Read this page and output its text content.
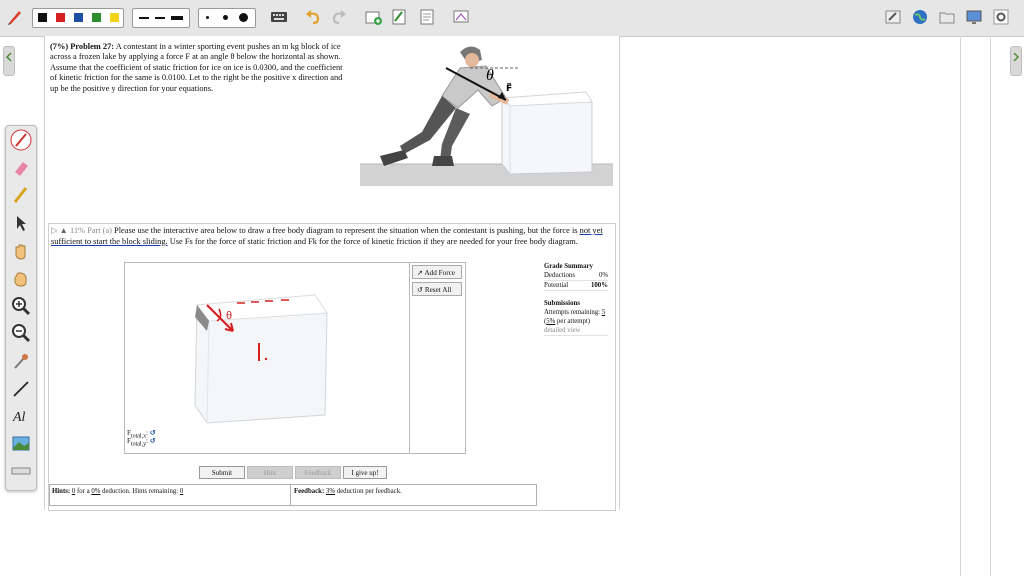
Al
(7%) Problem 27: A contestant in a winter sporting event pushes an m kg block of ice across a frozen lake by applying a force F at an angle θ below the horizontal as shown. Assume that the coefficient of static friction for ice on ice is 0.0300, and the coefficient of kinetic friction for the same is 0.0100. Let to the right be the positive x direction and up be the positive y direction for your equations.
θ
F⃗
▷ ▲ 11% Part (a) Please use the interactive area below to draw a free body diagram to represent the situation when the contestant is pushing, but the force is not yet sufficient to start the block sliding. Use Fs for the force of static friction and Fk for the force of kinetic friction if they are needed for your free body diagram.
θ
$F_{total,x}$: ↺
$F_{total,y}$: ↺
↗ Add Force
↺ Reset All
Grade Summary
Deductions	0%
Potential	100%
Submissions
Attempts remaining: 5
(5% per attempt)
detailed view
Submit	Hint	Feedback	I give up!
Hints: 0 for a 0% deduction. Hints remaining: 0	Feedback: 3% deduction per feedback.
